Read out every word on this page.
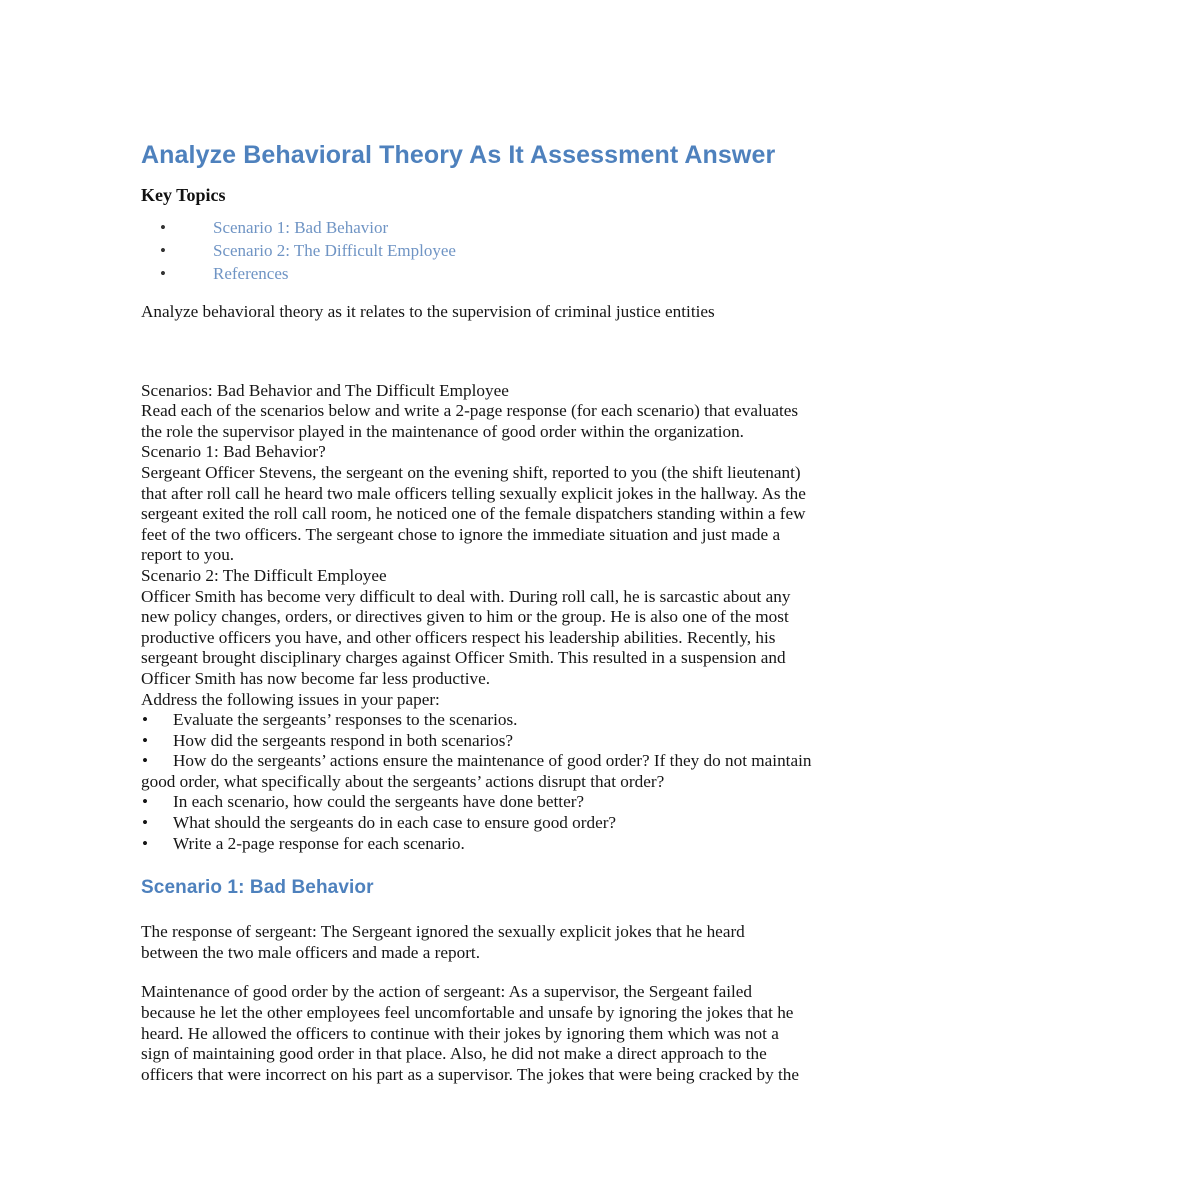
Analyze Behavioral Theory As It Assessment Answer
Key Topics
•	Scenario 1: Bad Behavior
•	Scenario 2: The Difficult Employee
•	References

Analyze behavioral theory as it relates to the supervision of criminal justice entities

Scenarios: Bad Behavior and The Difficult Employee
Read each of the scenarios below and write a 2-page response (for each scenario) that evaluates
the role the supervisor played in the maintenance of good order within the organization.
Scenario 1: Bad Behavior?
Sergeant Officer Stevens, the sergeant on the evening shift, reported to you (the shift lieutenant)
that after roll call he heard two male officers telling sexually explicit jokes in the hallway. As the
sergeant exited the roll call room, he noticed one of the female dispatchers standing within a few
feet of the two officers. The sergeant chose to ignore the immediate situation and just made a
report to you.
Scenario 2: The Difficult Employee
Officer Smith has become very difficult to deal with. During roll call, he is sarcastic about any
new policy changes, orders, or directives given to him or the group. He is also one of the most
productive officers you have, and other officers respect his leadership abilities. Recently, his
sergeant brought disciplinary charges against Officer Smith. This resulted in a suspension and
Officer Smith has now become far less productive.
Address the following issues in your paper:
• Evaluate the sergeants’ responses to the scenarios.
• How did the sergeants respond in both scenarios?
• How do the sergeants’ actions ensure the maintenance of good order? If they do not maintain
good order, what specifically about the sergeants’ actions disrupt that order?
• In each scenario, how could the sergeants have done better?
• What should the sergeants do in each case to ensure good order?
• Write a 2-page response for each scenario.
Scenario 1: Bad Behavior
The response of sergeant: The Sergeant ignored the sexually explicit jokes that he heard
between the two male officers and made a report.
Maintenance of good order by the action of sergeant: As a supervisor, the Sergeant failed
because he let the other employees feel uncomfortable and unsafe by ignoring the jokes that he
heard. He allowed the officers to continue with their jokes by ignoring them which was not a
sign of maintaining good order in that place. Also, he did not make a direct approach to the
officers that were incorrect on his part as a supervisor. The jokes that were being cracked by the
